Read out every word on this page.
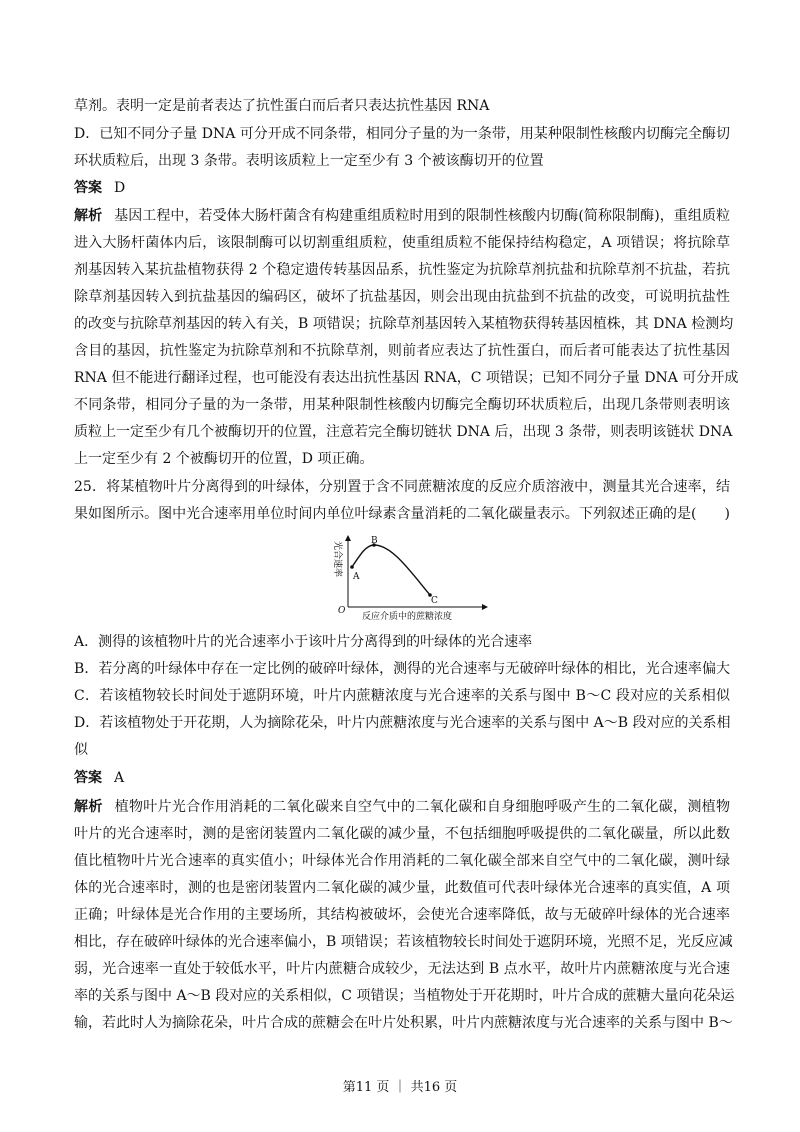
草剂。表明一定是前者表达了抗性蛋白而后者只表达抗性基因 RNA
D．已知不同分子量 DNA 可分开成不同条带，相同分子量的为一条带，用某种限制性核酸内切酶完全酶切
环状质粒后，出现 3 条带。表明该质粒上一定至少有 3 个被该酶切开的位置
答案 D
解析 基因工程中，若受体大肠杆菌含有构建重组质粒时用到的限制性核酸内切酶(简称限制酶)，重组质粒
进入大肠杆菌体内后，该限制酶可以切割重组质粒，使重组质粒不能保持结构稳定，A 项错误；将抗除草
剂基因转入某抗盐植物获得 2 个稳定遗传转基因品系，抗性鉴定为抗除草剂抗盐和抗除草剂不抗盐，若抗
除草剂基因转入到抗盐基因的编码区，破坏了抗盐基因，则会出现由抗盐到不抗盐的改变，可说明抗盐性
的改变与抗除草剂基因的转入有关，B 项错误；抗除草剂基因转入某植物获得转基因植株，其 DNA 检测均
含目的基因，抗性鉴定为抗除草剂和不抗除草剂，则前者应表达了抗性蛋白，而后者可能表达了抗性基因
RNA 但不能进行翻译过程，也可能没有表达出抗性基因 RNA，C 项错误；已知不同分子量 DNA 可分开成
不同条带，相同分子量的为一条带，用某种限制性核酸内切酶完全酶切环状质粒后，出现几条带则表明该
质粒上一定至少有几个被酶切开的位置，注意若完全酶切链状 DNA 后，出现 3 条带，则表明该链状 DNA
上一定至少有 2 个被酶切开的位置，D 项正确。
25．将某植物叶片分离得到的叶绿体，分别置于含不同蔗糖浓度的反应介质溶液中，测量其光合速率，结
果如图所示。图中光合速率用单位时间内单位叶绿素含量消耗的二氧化碳量表示。下列叙述正确的是(　　)
A
B
C
O
反应介质中的蔗糖浓度
光合速率
A．测得的该植物叶片的光合速率小于该叶片分离得到的叶绿体的光合速率
B．若分离的叶绿体中存在一定比例的破碎叶绿体，测得的光合速率与无破碎叶绿体的相比，光合速率偏大
C．若该植物较长时间处于遮阴环境，叶片内蔗糖浓度与光合速率的关系与图中 B～C 段对应的关系相似
D．若该植物处于开花期，人为摘除花朵，叶片内蔗糖浓度与光合速率的关系与图中 A～B 段对应的关系相
似
答案 A
解析 植物叶片光合作用消耗的二氧化碳来自空气中的二氧化碳和自身细胞呼吸产生的二氧化碳，测植物
叶片的光合速率时，测的是密闭装置内二氧化碳的减少量，不包括细胞呼吸提供的二氧化碳量，所以此数
值比植物叶片光合速率的真实值小；叶绿体光合作用消耗的二氧化碳全部来自空气中的二氧化碳，测叶绿
体的光合速率时，测的也是密闭装置内二氧化碳的减少量，此数值可代表叶绿体光合速率的真实值，A 项
正确；叶绿体是光合作用的主要场所，其结构被破坏，会使光合速率降低，故与无破碎叶绿体的光合速率
相比，存在破碎叶绿体的光合速率偏小，B 项错误；若该植物较长时间处于遮阴环境，光照不足，光反应减
弱，光合速率一直处于较低水平，叶片内蔗糖合成较少，无法达到 B 点水平，故叶片内蔗糖浓度与光合速
率的关系与图中 A～B 段对应的关系相似，C 项错误；当植物处于开花期时，叶片合成的蔗糖大量向花朵运
输，若此时人为摘除花朵，叶片合成的蔗糖会在叶片处积累，叶片内蔗糖浓度与光合速率的关系与图中 B～
第11 页 ｜ 共16 页
